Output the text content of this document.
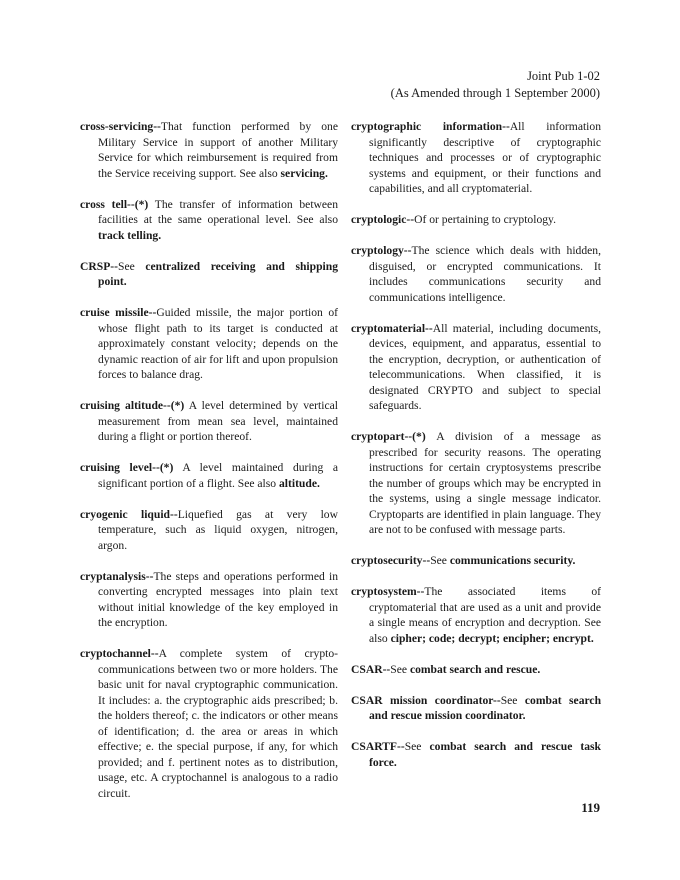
Joint Pub 1-02
(As Amended through 1 September 2000)

cross-servicing--That function performed by one Military Service in support of another Military Service for which reimbursement is required from the Service receiving support. See also servicing.

cross tell--(*) The transfer of information between facilities at the same operational level. See also track telling.

CRSP--See centralized receiving and shipping point.

cruise missile--Guided missile, the major portion of whose flight path to its target is conducted at approximately constant velocity; depends on the dynamic reaction of air for lift and upon propulsion forces to balance drag.

cruising altitude--(*) A level determined by vertical measurement from mean sea level, maintained during a flight or portion thereof.

cruising level--(*) A level maintained during a significant portion of a flight. See also altitude.

cryogenic liquid--Liquefied gas at very low temperature, such as liquid oxygen, nitrogen, argon.

cryptanalysis--The steps and operations performed in converting encrypted messages into plain text without initial knowledge of the key employed in the encryption.

cryptochannel--A complete system of crypto-communications between two or more holders. The basic unit for naval cryptographic communication. It includes: a. the cryptographic aids prescribed; b. the holders thereof; c. the indicators or other means of identification; d. the area or areas in which effective; e. the special purpose, if any, for which provided; and f. pertinent notes as to distribution, usage, etc. A cryptochannel is analogous to a radio circuit.

cryptographic information--All information significantly descriptive of cryptographic techniques and processes or of cryptographic systems and equipment, or their functions and capabilities, and all cryptomaterial.

cryptologic--Of or pertaining to cryptology.

cryptology--The science which deals with hidden, disguised, or encrypted communications. It includes communications security and communications intelligence.

cryptomaterial--All material, including documents, devices, equipment, and apparatus, essential to the encryption, decryption, or authentication of telecommunications. When classified, it is designated CRYPTO and subject to special safeguards.

cryptopart--(*) A division of a message as prescribed for security reasons. The operating instructions for certain cryptosystems prescribe the number of groups which may be encrypted in the systems, using a single message indicator. Cryptoparts are identified in plain language. They are not to be confused with message parts.

cryptosecurity--See communications security.

cryptosystem--The associated items of cryptomaterial that are used as a unit and provide a single means of encryption and decryption. See also cipher; code; decrypt; encipher; encrypt.

CSAR--See combat search and rescue.

CSAR mission coordinator--See combat search and rescue mission coordinator.

CSARTF--See combat search and rescue task force.

119
